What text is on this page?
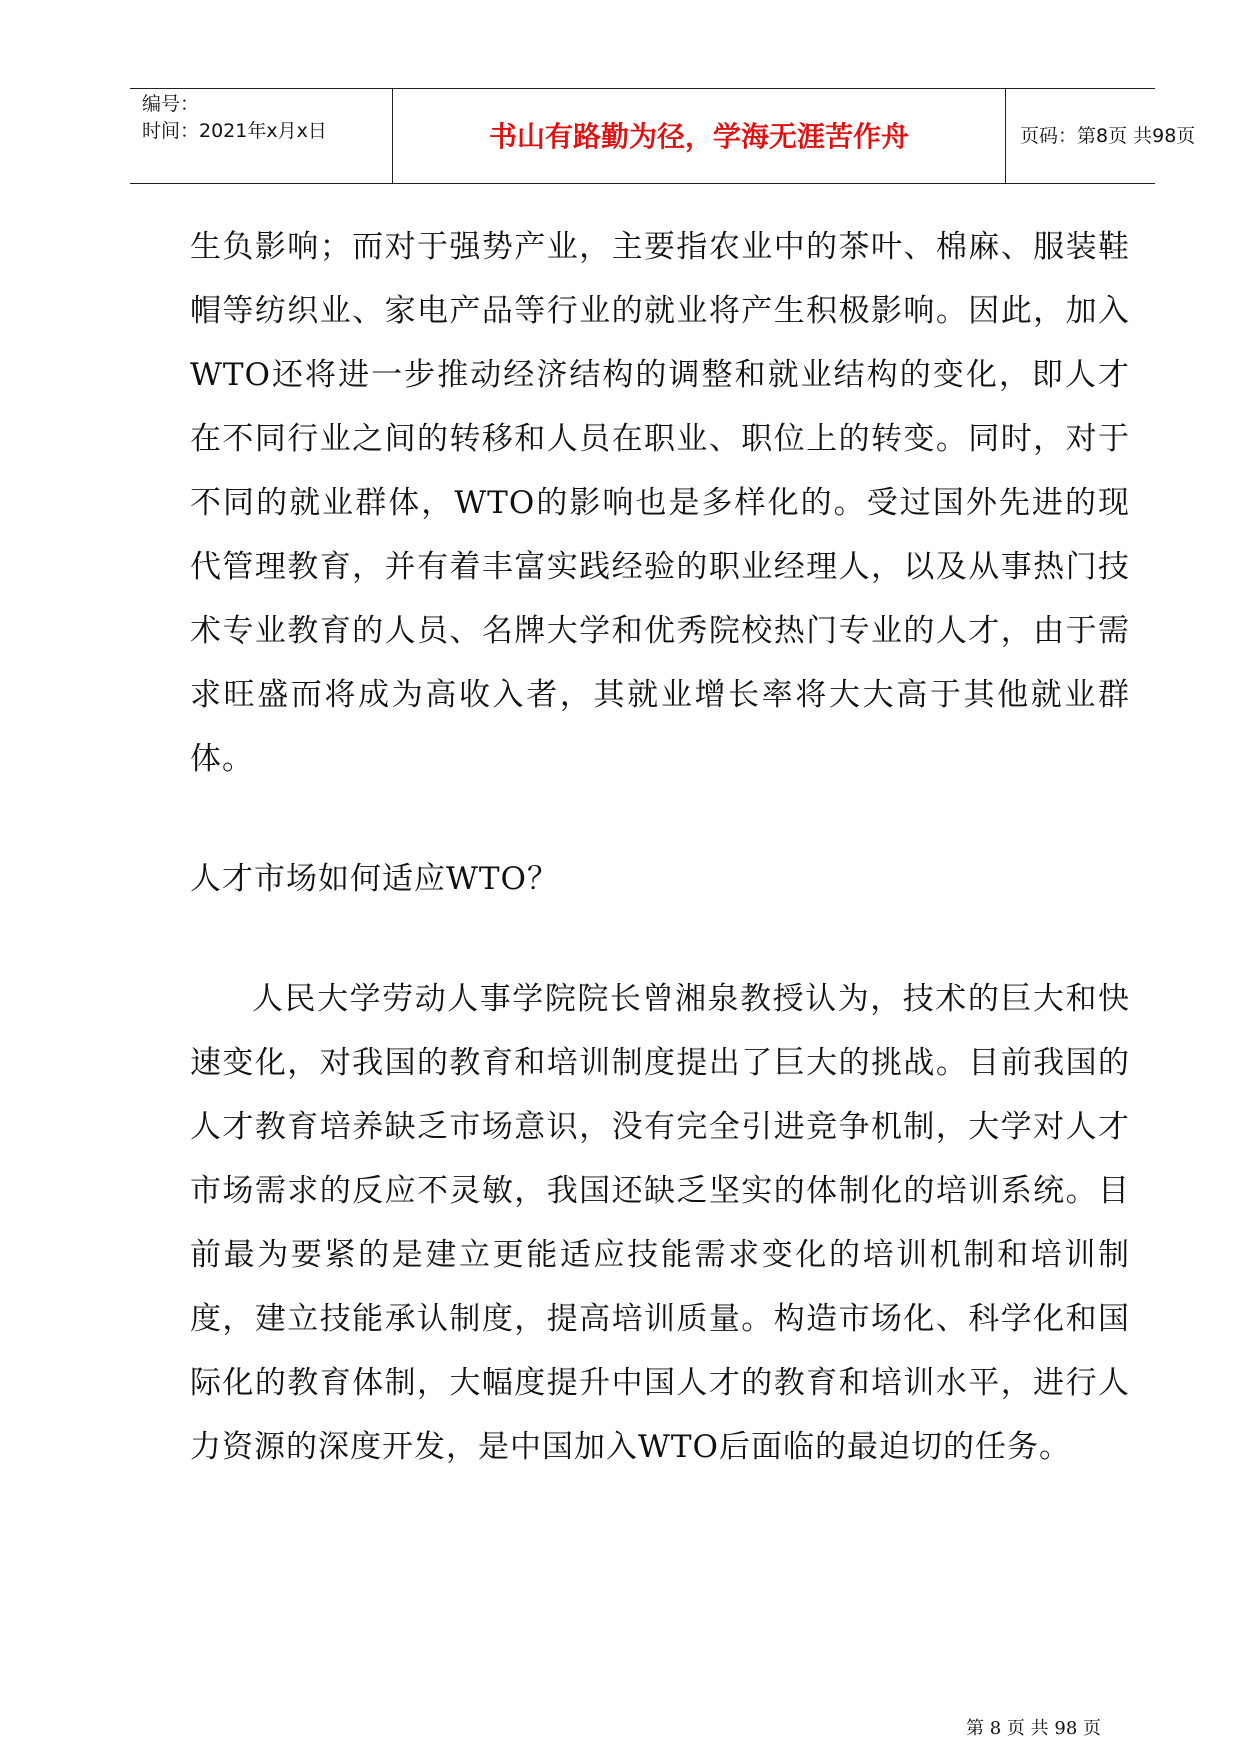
编号：
时间：2021年x月x日	书山有路勤为径，学海无涯苦作舟	页码：第8页 共98页

生负影响；而对于强势产业，主要指农业中的茶叶、棉麻、服装鞋帽等纺织业、家电产品等行业的就业将产生积极影响。因此，加入WTO还将进一步推动经济结构的调整和就业结构的变化，即人才在不同行业之间的转移和人员在职业、职位上的转变。同时，对于不同的就业群体，WTO的影响也是多样化的。受过国外先进的现代管理教育，并有着丰富实践经验的职业经理人，以及从事热门技术专业教育的人员、名牌大学和优秀院校热门专业的人才，由于需求旺盛而将成为高收入者，其就业增长率将大大高于其他就业群体。

人才市场如何适应WTO？

人民大学劳动人事学院院长曾湘泉教授认为，技术的巨大和快速变化，对我国的教育和培训制度提出了巨大的挑战。目前我国的人才教育培养缺乏市场意识，没有完全引进竞争机制，大学对人才市场需求的反应不灵敏，我国还缺乏坚实的体制化的培训系统。目前最为要紧的是建立更能适应技能需求变化的培训机制和培训制度，建立技能承认制度，提高培训质量。构造市场化、科学化和国际化的教育体制，大幅度提升中国人才的教育和培训水平，进行人力资源的深度开发，是中国加入WTO后面临的最迫切的任务。

第 8 页 共 98 页
